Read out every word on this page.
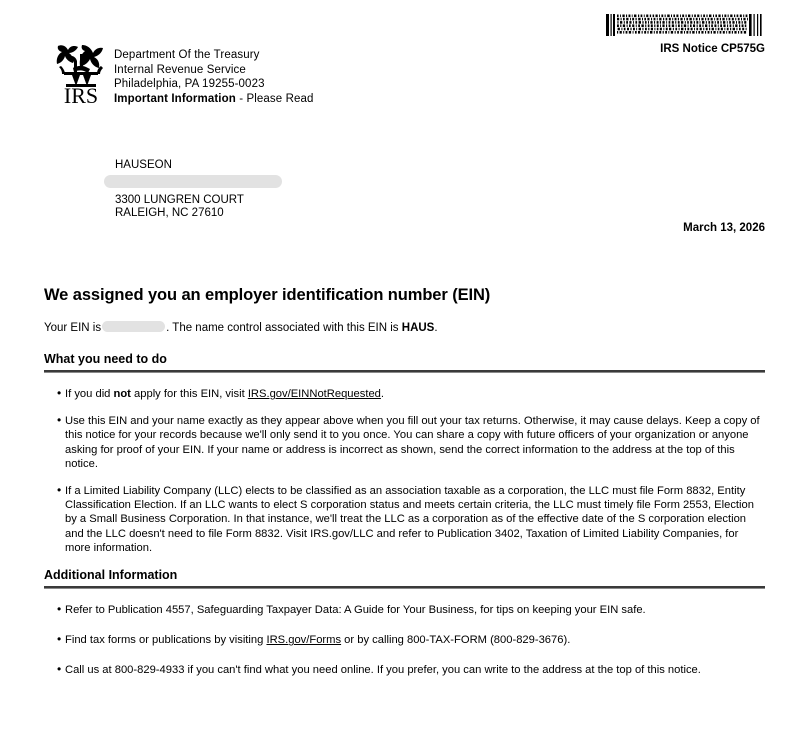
IRS
Department Of the Treasury
Internal Revenue Service
Philadelphia, PA 19255-0023
Important Information - Please Read
IRS Notice CP575G
HAUSEON
3300 LUNGREN COURT
RALEIGH, NC 27610
March 13, 2026
We assigned you an employer identification number (EIN)

Your EIN is	. The name control associated with this EIN is HAUS.

What you need to do
• If you did not apply for this EIN, visit IRS.gov/EINNotRequested.
• Use this EIN and your name exactly as they appear above when you fill out your tax returns. Otherwise, it may cause delays. Keep a copy of this notice for your records because we'll only send it to you once. You can share a copy with future officers of your organization or anyone asking for proof of your EIN. If your name or address is incorrect as shown, send the correct information to the address at the top of this notice.
• If a Limited Liability Company (LLC) elects to be classified as an association taxable as a corporation, the LLC must file Form 8832, Entity Classification Election. If an LLC wants to elect S corporation status and meets certain criteria, the LLC must timely file Form 2553, Election by a Small Business Corporation. In that instance, we'll treat the LLC as a corporation as of the effective date of the S corporation election and the LLC doesn't need to file Form 8832. Visit IRS.gov/LLC and refer to Publication 3402, Taxation of Limited Liability Companies, for more information.
Additional Information
• Refer to Publication 4557, Safeguarding Taxpayer Data: A Guide for Your Business, for tips on keeping your EIN safe.
• Find tax forms or publications by visiting IRS.gov/Forms or by calling 800-TAX-FORM (800-829-3676).
• Call us at 800-829-4933 if you can't find what you need online. If you prefer, you can write to the address at the top of this notice.
